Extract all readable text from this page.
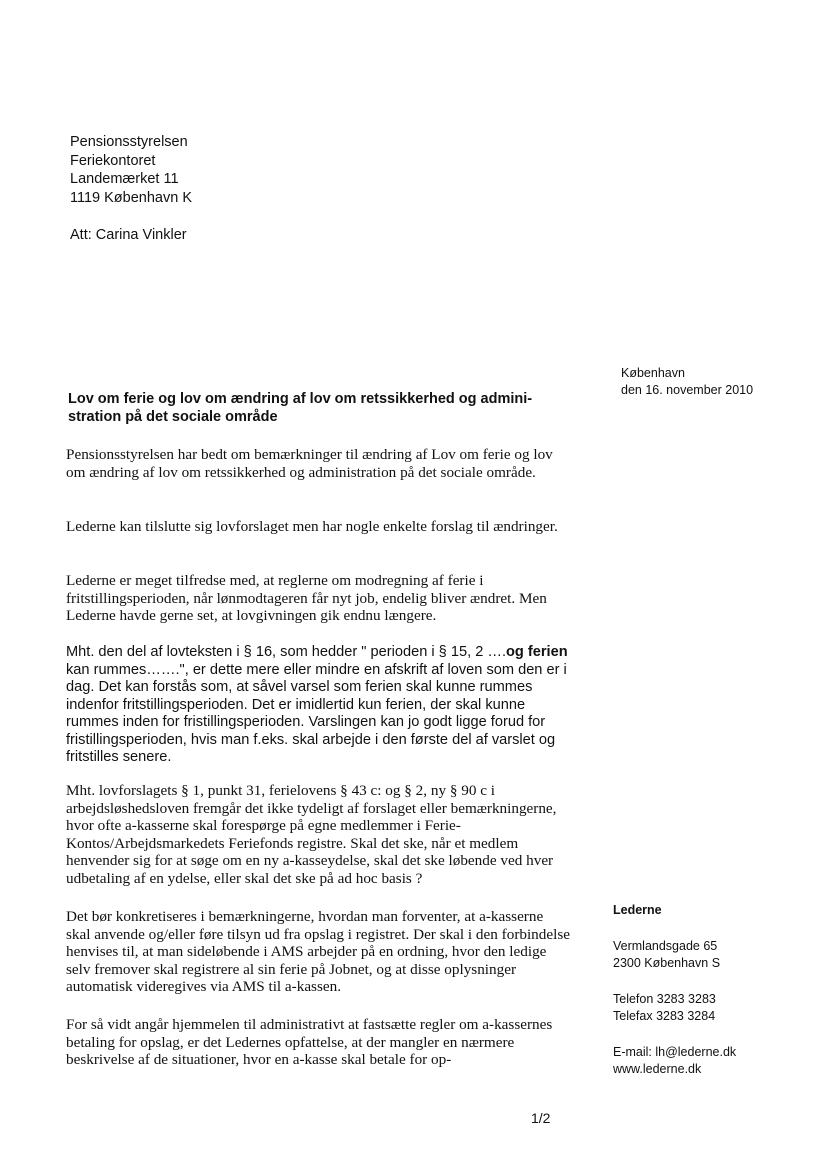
Pensionsstyrelsen
Feriekontoret
Landemærket 11
1119 København K
Att: Carina Vinkler
København
den 16. november 2010
Lov om ferie og lov om ændring af lov om retssikkerhed og admini-
stration på det sociale område

Pensionsstyrelsen har bedt om bemærkninger til ændring af Lov om ferie og lov om ændring af lov om retssikkerhed og administration på det sociale område.

Lederne kan tilslutte sig lovforslaget men har nogle enkelte forslag til ændringer.

Lederne er meget tilfredse med, at reglerne om modregning af ferie i fritstillingsperioden, når lønmodtageren får nyt job, endelig bliver ændret. Men Lederne havde gerne set, at lovgivningen gik endnu længere.

Mht. den del af lovteksten i § 16, som hedder " perioden i § 15, 2 ….og ferien kan rummes…….", er dette mere eller mindre en afskrift af loven som den er i dag. Det kan forstås som, at såvel varsel som ferien skal kunne rummes indenfor fritstillingsperioden. Det er imidlertid kun ferien, der skal kunne rummes inden for fristillingsperioden. Varslingen kan jo godt ligge forud for fristillingsperioden, hvis man f.eks. skal arbejde i den første del af varslet og fritstilles senere.

Mht. lovforslagets § 1, punkt 31, ferielovens § 43 c: og § 2, ny § 90 c i arbejdsløshedsloven fremgår det ikke tydeligt af forslaget eller bemærkningerne, hvor ofte a-kasserne skal forespørge på egne medlemmer i Ferie-Kontos/Arbejdsmarkedets Feriefonds registre. Skal det ske, når et medlem henvender sig for at søge om en ny a-kasseydelse, skal det ske løbende ved hver udbetaling af en ydelse, eller skal det ske på ad hoc basis ?

Det bør konkretiseres i bemærkningerne, hvordan man forventer, at a-kasserne skal anvende og/eller føre tilsyn ud fra opslag i registret. Der skal i den forbindelse henvises til, at man sideløbende i AMS arbejder på en ordning, hvor den ledige selv fremover skal registrere al sin ferie på Jobnet, og at disse oplysninger automatisk videregives via AMS til a-kassen.

For så vidt angår hjemmelen til administrativt at fastsætte regler om a-kassernes betaling for opslag, er det Ledernes opfattelse, at der mangler en nærmere beskrivelse af de situationer, hvor en a-kasse skal betale for op-

Lederne
Vermlandsgade 65
2300 København S
Telefon 3283 3283
Telefax 3283 3284
E-mail: lh@lederne.dk
www.lederne.dk
1/2
